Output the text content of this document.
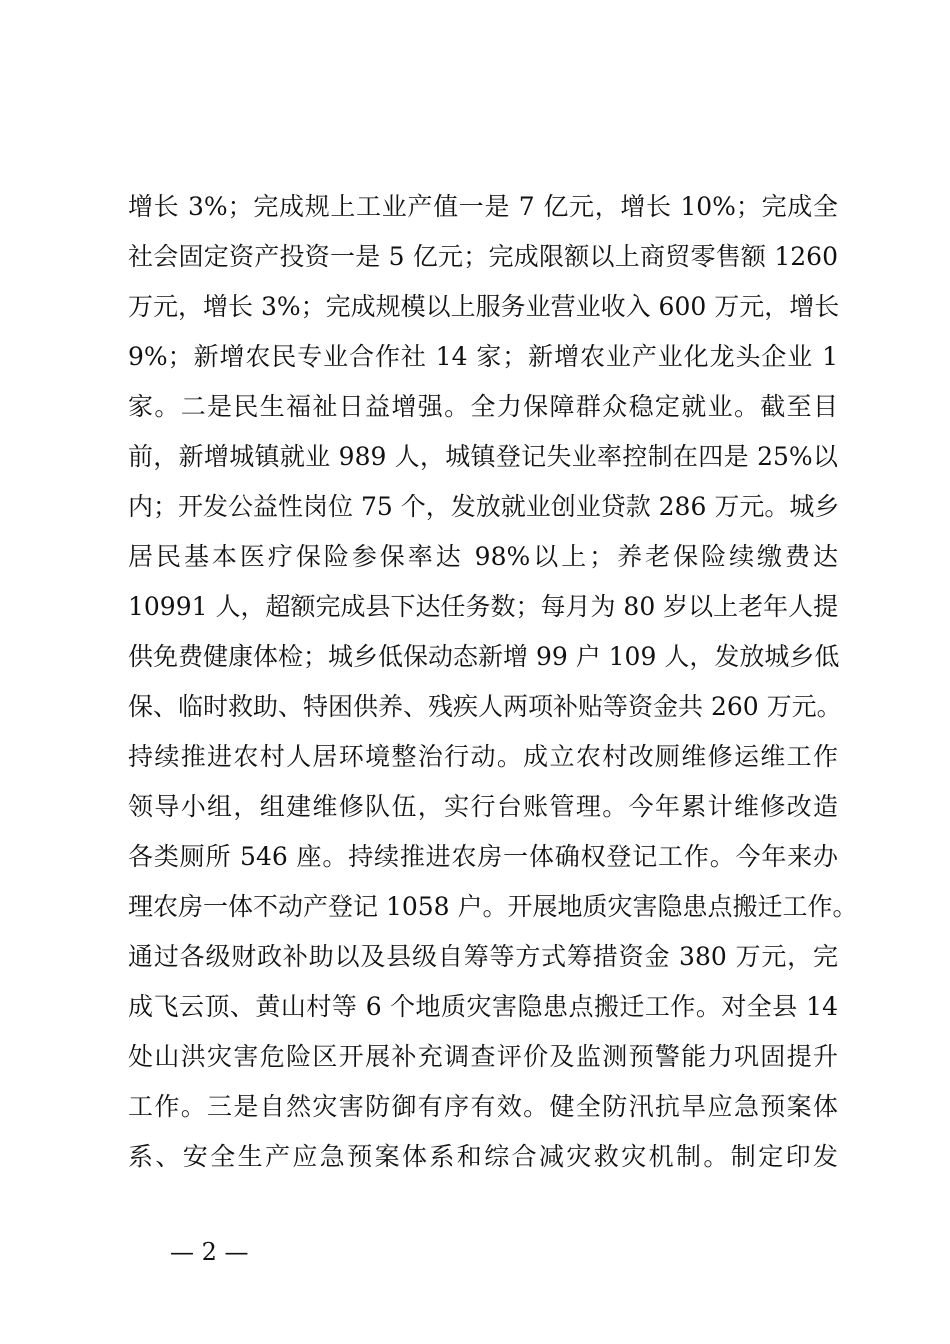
增长 3%；完成规上工业产值一是 7 亿元，增长 10%；完成全
社会固定资产投资一是 5 亿元；完成限额以上商贸零售额 1260
万元，增长 3%；完成规模以上服务业营业收入 600 万元，增长
9%；新增农民专业合作社 14 家；新增农业产业化龙头企业 1
家。二是民生福祉日益增强。全力保障群众稳定就业。截至目
前，新增城镇就业 989 人，城镇登记失业率控制在四是 25%以
内；开发公益性岗位 75 个，发放就业创业贷款 286 万元。城乡
居民基本医疗保险参保率达 98%以上；养老保险续缴费达
10991 人，超额完成县下达任务数；每月为 80 岁以上老年人提
供免费健康体检；城乡低保动态新增 99 户 109 人，发放城乡低
保、临时救助、特困供养、残疾人两项补贴等资金共 260 万元。
持续推进农村人居环境整治行动。成立农村改厕维修运维工作
领导小组，组建维修队伍，实行台账管理。今年累计维修改造
各类厕所 546 座。持续推进农房一体确权登记工作。今年来办
理农房一体不动产登记 1058 户。开展地质灾害隐患点搬迁工作。
通过各级财政补助以及县级自筹等方式筹措资金 380 万元，完
成飞云顶、黄山村等 6 个地质灾害隐患点搬迁工作。对全县 14
处山洪灾害危险区开展补充调查评价及监测预警能力巩固提升
工作。三是自然灾害防御有序有效。健全防汛抗旱应急预案体
系、安全生产应急预案体系和综合减灾救灾机制。制定印发
— 2 —
